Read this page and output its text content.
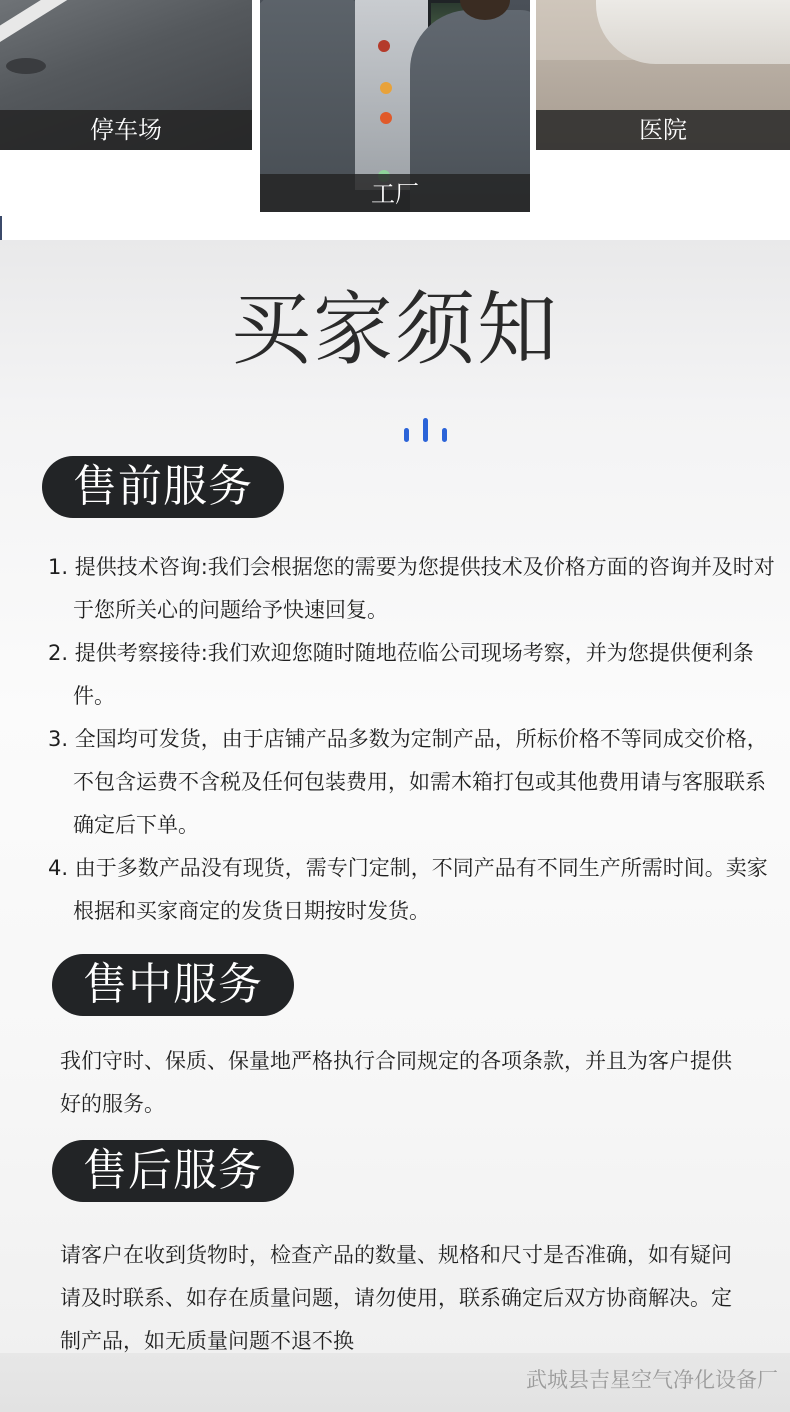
停车场
工厂
医院
买家须知
售前服务
1. 提供技术咨询:我们会根据您的需要为您提供技术及价格方面的咨询并及时对于您所关心的问题给予快速回复。
2. 提供考察接待:我们欢迎您随时随地莅临公司现场考察，并为您提供便利条件。
3. 全国均可发货，由于店铺产品多数为定制产品，所标价格不等同成交价格，不包含运费不含税及任何包装费用，如需木箱打包或其他费用请与客服联系确定后下单。
4. 由于多数产品没有现货，需专门定制，不同产品有不同生产所需时间。卖家根据和买家商定的发货日期按时发货。
售中服务
我们守时、保质、保量地严格执行合同规定的各项条款，并且为客户提供好的服务。
售后服务
请客户在收到货物时，检查产品的数量、规格和尺寸是否准确，如有疑问请及时联系、如存在质量问题，请勿使用，联系确定后双方协商解决。定制产品，如无质量问题不退不换
武城县吉星空气净化设备厂
